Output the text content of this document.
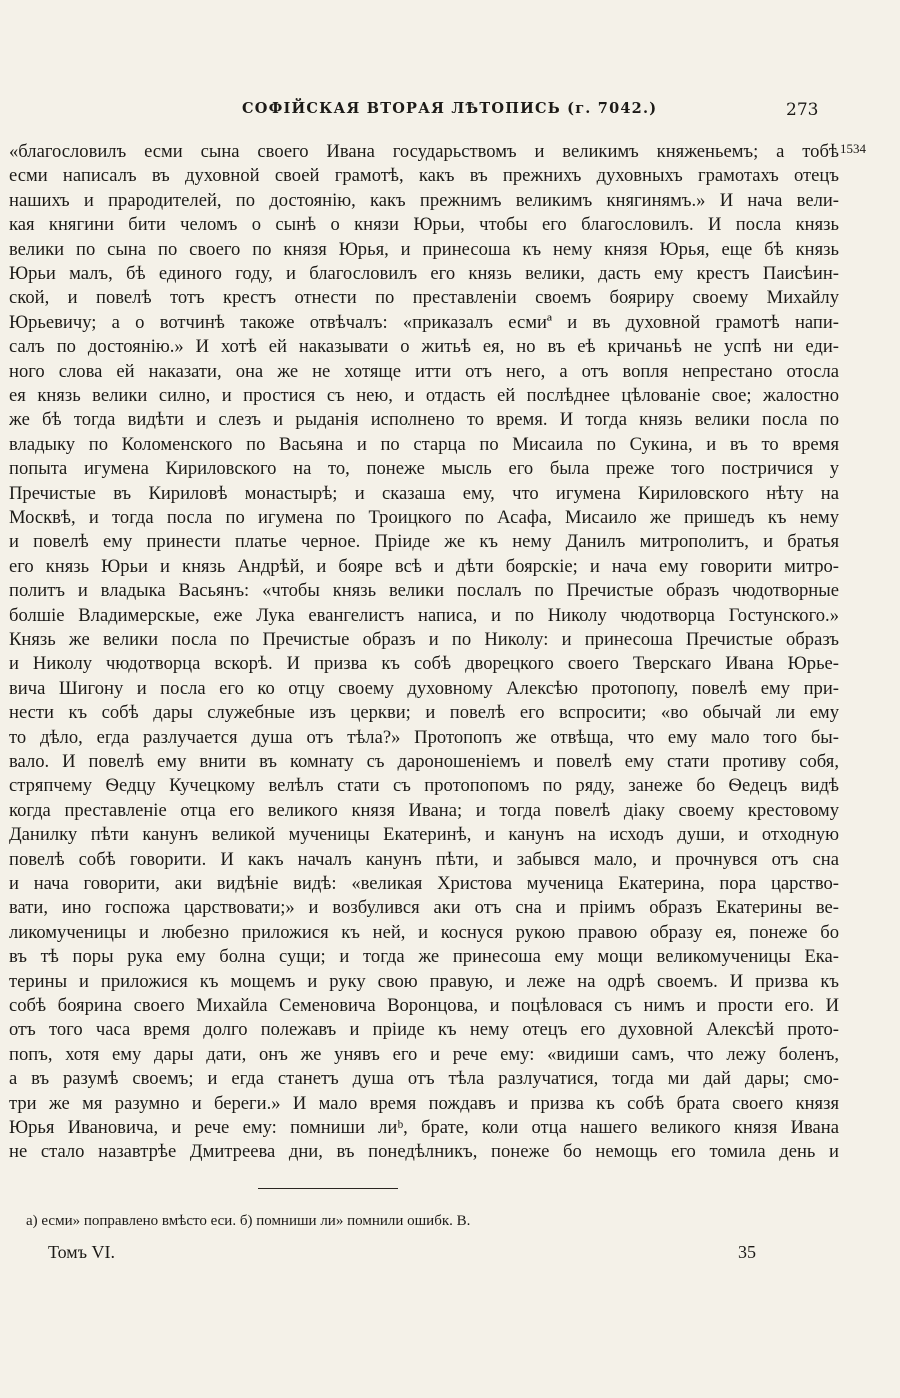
СОФІЙСКАЯ ВТОРАЯ ЛѢТОПИСЬ (г. 7042.)	273
1534
«благословилъ есми сына своего Ивана государьствомъ и великимъ княженьемъ; а тобѣ
есми написалъ въ духовной своей грамотѣ, какъ въ прежнихъ духовныхъ грамотахъ отецъ
нашихъ и прародителей, по достоянію, какъ прежнимъ великимъ княгинямъ.» И нача вели-
кая княгини бити челомъ о сынѣ о князи Юрьи, чтобы его благословилъ. И посла князь
велики по сына по своего по князя Юрья, и принесоша къ нему князя Юрья, еще бѣ князь
Юрьи малъ, бѣ единого году, и благословилъ его князь велики, дасть ему крестъ Паисѣин-
ской, и повелѣ тотъ крестъ отнести по преставленіи своемъ бояриру своему Михайлу
Юрьевичу; а о вотчинѣ такоже отвѣчалъ: «приказалъ есмиª и въ духовной грамотѣ напи-
салъ по достоянію.» И хотѣ ей наказывати о житьѣ ея, но въ еѣ кричаньѣ не успѣ ни еди-
ного слова ей наказати, она же не хотяще итти отъ него, а отъ вопля непрестано отосла
ея князь велики силно, и простися съ нею, и отдасть ей послѣднее цѣлованіе свое; жалостно
же бѣ тогда видѣти и слезъ и рыданія исполнено то время. И тогда князь велики посла по
владыку по Коломенского по Васьяна и по старца по Мисаила по Сукина, и въ то время
попыта игумена Кириловского на то, понеже мысль его была преже того постричися у
Пречистые въ Кириловѣ монастырѣ; и сказаша ему, что игумена Кириловского нѣту на
Москвѣ, и тогда посла по игумена по Троицкого по Асафа, Мисаило же пришедъ къ нему
и повелѣ ему принести платье черное. Пріиде же къ нему Данилъ митрополитъ, и братья
его князь Юрьи и князь Андрѣй, и бояре вcѣ и дѣти боярскіе; и нача ему говорити митро-
политъ и владыка Васьянъ: «чтобы князь велики послалъ по Пречистые образъ чюдотворные
болшіе Владимерскые, еже Лука евангелистъ написа, и по Николу чюдотворца Гостунского.»
Князь же велики посла по Пречистые образъ и по Николу: и принесоша Пречистые образъ
и Николу чюдотворца вскорѣ. И призва къ собѣ дворецкого своего Тверскаго Ивана Юрье-
вича Шигону и посла его ко отцу своему духовному Алексѣю протопопу, повелѣ ему при-
нести къ собѣ дары служебные изъ церкви; и повелѣ его вспросити; «во обычай ли ему
то дѣло, егда разлучается душа отъ тѣла?» Протопопъ же отвѣща, что ему мало того бы-
вало. И повелѣ ему внити въ комнату съ дароношеніемъ и повелѣ ему стати противу собя,
стряпчему Ѳедцу Кучецкому велѣлъ стати съ протопопомъ по ряду, занеже бо Ѳедецъ видѣ
когда преставленіе отца его великого князя Ивана; и тогда повелѣ діаку своему крестовому
Данилку пѣти канунъ великой мученицы Екатеринѣ, и канунъ на исходъ души, и отходную
повелѣ собѣ говорити. И какъ началъ канунъ пѣти, и забывся мало, и прочнувся отъ сна
и нача говорити, аки видѣніе видѣ: «великая Христова мученица Екатерина, пора царство-
вати, ино госпожа царствовати;» и возбулився аки отъ сна и пріимъ образъ Екатерины ве-
ликомученицы и любезно приложися къ ней, и коснуся рукою правою образу ея, понеже бо
въ тѣ поры рука ему болна сущи; и тогда же принесоша ему мощи великомученицы Ека-
терины и приложися къ мощемъ и руку свою правую, и леже на одрѣ своемъ. И призва къ
собѣ боярина своего Михайла Семеновича Воронцова, и поцѣловася съ нимъ и прости его. И
отъ того часа время долго полежавъ и пріиде къ нему отецъ его духовной Алексѣй прото-
попъ, хотя ему дары дати, онъ же унявъ его и рече ему: «видиши самъ, что лежу боленъ,
а въ разумѣ своемъ; и егда станетъ душа отъ тѣла разлучатися, тогда ми дай дары; смо-
три же мя разумно и береги.» И мало время пождавъ и призва къ собѣ брата своего князя
Юрья Ивановича, и рече ему: помниши лиᵇ, брате, коли отца нашего великого князя Ивана
не стало назавтрѣе Дмитреева дни, въ понедѣлникъ, понеже бо немощь его томила день и
а) есми» поправлено вмѣсто еси. б) помниши ли» помнили ошибк. В.
Томъ VI.	35
